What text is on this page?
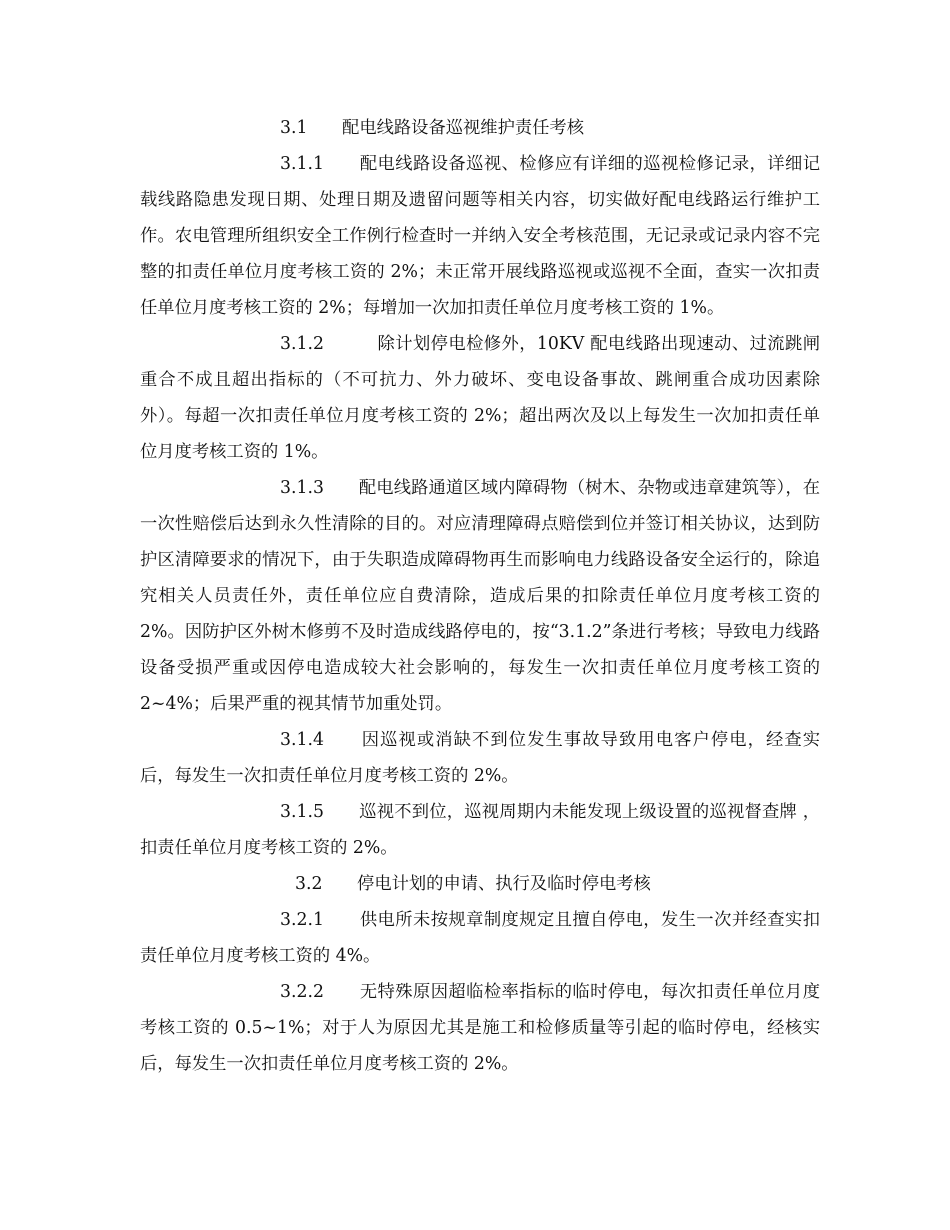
3.1　　配电线路设备巡视维护责任考核

3.1.1　　配电线路设备巡视、检修应有详细的巡视检修记录，详细记载线路隐患发现日期、处理日期及遗留问题等相关内容，切实做好配电线路运行维护工作。农电管理所组织安全工作例行检查时一并纳入安全考核范围，无记录或记录内容不完整的扣责任单位月度考核工资的 2%；未正常开展线路巡视或巡视不全面，查实一次扣责任单位月度考核工资的 2%；每增加一次加扣责任单位月度考核工资的 1%。

3.1.2　　　除计划停电检修外，10KV 配电线路出现速动、过流跳闸重合不成且超出指标的（不可抗力、外力破坏、变电设备事故、跳闸重合成功因素除外）。每超一次扣责任单位月度考核工资的 2%；超出两次及以上每发生一次加扣责任单位月度考核工资的 1%。

3.1.3　　配电线路通道区域内障碍物（树木、杂物或违章建筑等），在一次性赔偿后达到永久性清除的目的。对应清理障碍点赔偿到位并签订相关协议，达到防护区清障要求的情况下，由于失职造成障碍物再生而影响电力线路设备安全运行的，除追究相关人员责任外，责任单位应自费清除，造成后果的扣除责任单位月度考核工资的 2%。因防护区外树木修剪不及时造成线路停电的，按“3.1.2”条进行考核；导致电力线路设备受损严重或因停电造成较大社会影响的，每发生一次扣责任单位月度考核工资的 2~4%；后果严重的视其情节加重处罚。

3.1.4　　因巡视或消缺不到位发生事故导致用电客户停电，经查实后，每发生一次扣责任单位月度考核工资的 2%。

3.1.5　　巡视不到位，巡视周期内未能发现上级设置的巡视督查牌 ，扣责任单位月度考核工资的 2%。

3.2　　停电计划的申请、执行及临时停电考核

3.2.1　　供电所未按规章制度规定且擅自停电，发生一次并经查实扣责任单位月度考核工资的 4%。

3.2.2　　无特殊原因超临检率指标的临时停电，每次扣责任单位月度考核工资的 0.5~1%；对于人为原因尤其是施工和检修质量等引起的临时停电，经核实后，每发生一次扣责任单位月度考核工资的 2%。
